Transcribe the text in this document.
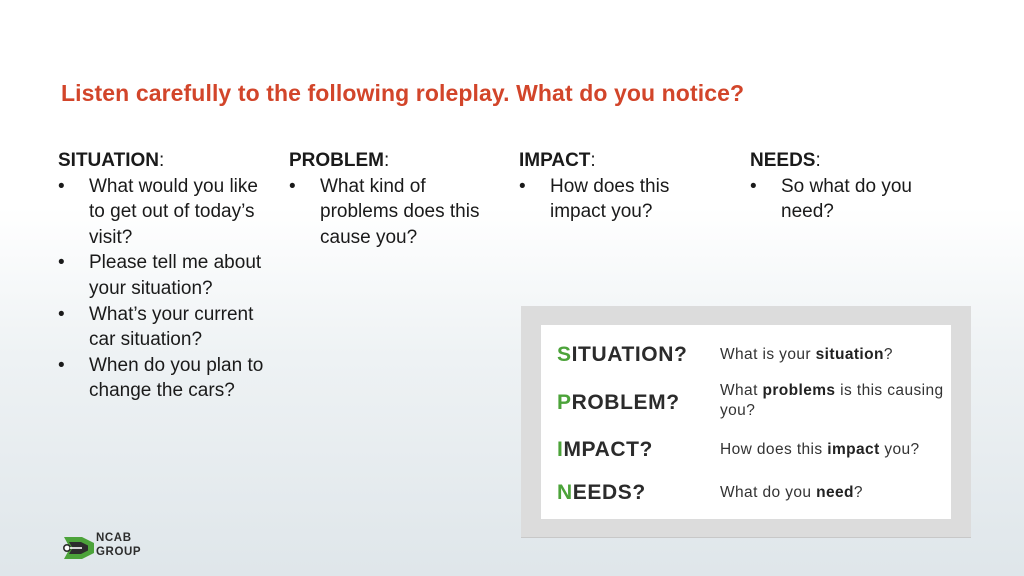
Listen carefully to the following roleplay. What do you notice?
SITUATION:
• What would you like to get out of today’s visit?
• Please tell me about your situation?
• What’s your current car situation?
• When do you plan to change the cars?
PROBLEM:
• What kind of problems does this cause you?
IMPACT:
• How does this impact you?
NEEDS:
• So what do you need?
SITUATION? What is your situation?
PROBLEM?
What problems is this causing you?
IMPACT?	How does this impact you?
NEEDS?	What do you need?
NCAB
GROUP
